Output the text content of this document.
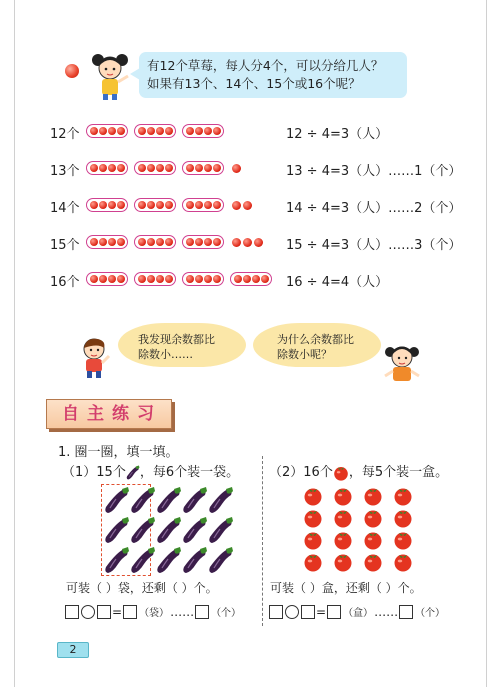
有12个草莓，每人分4个，可以分给几人？
如果有13个、14个、15个或16个呢？
12个	12 ÷ 4=3（人）
13个	13 ÷ 4=3（人）……1（个）
14个	14 ÷ 4=3（人）……2（个）
15个	15 ÷ 4=3（人）……3（个）
16个	16 ÷ 4=4（人）
我发现余数都比
除数小……
为什么余数都比
除数小呢？
自主练习
1. 圈一圈，填一填。
（1）15个 ，每6个装一袋。 （2）16个 ，每5个装一盒。
可装（ ）袋，还剩（ ）个。	可装（ ）盒，还剩（ ）个。
= （袋） …… （个）	= （盒） …… （个）
2
